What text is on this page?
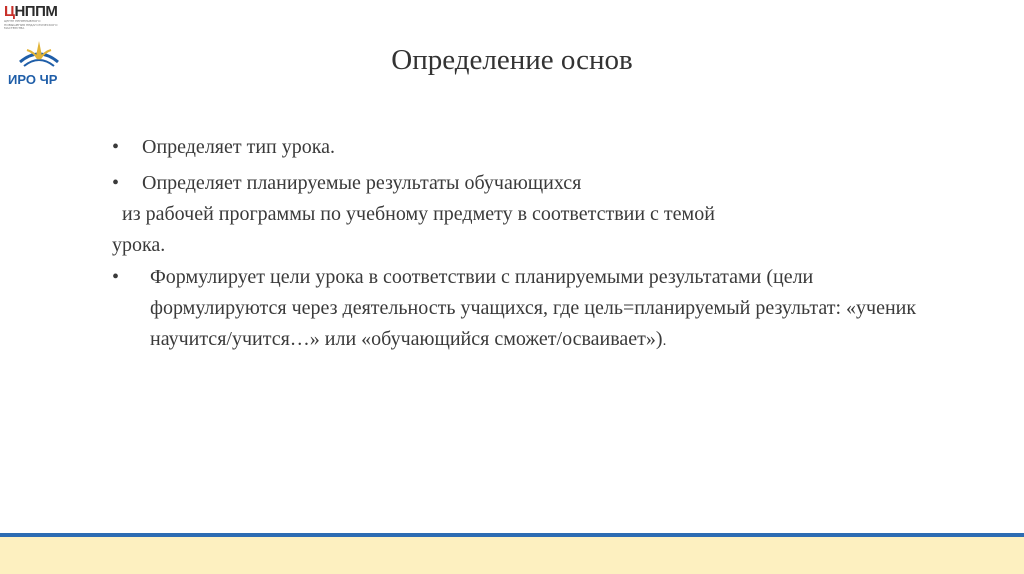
ЦНППМ
ЦЕНТР НЕПРЕРЫВНОГО ПОВЫШЕНИЯ ПЕДАГОГИЧЕСКОГО МАСТЕРСТВА
ИРО ЧР
Определение основ

• Определяет тип урока.

• Определяет планируемые результаты обучающихся
из рабочей программы по учебному предмету в соответствии с темой
урока.
•	Формулирует цели урока в соответствии с планируемыми результатами (цели формулируются через деятельность учащихся, где цель=планируемый результат: «ученик научится/учится…» или «обучающийся сможет/осваивает»).
